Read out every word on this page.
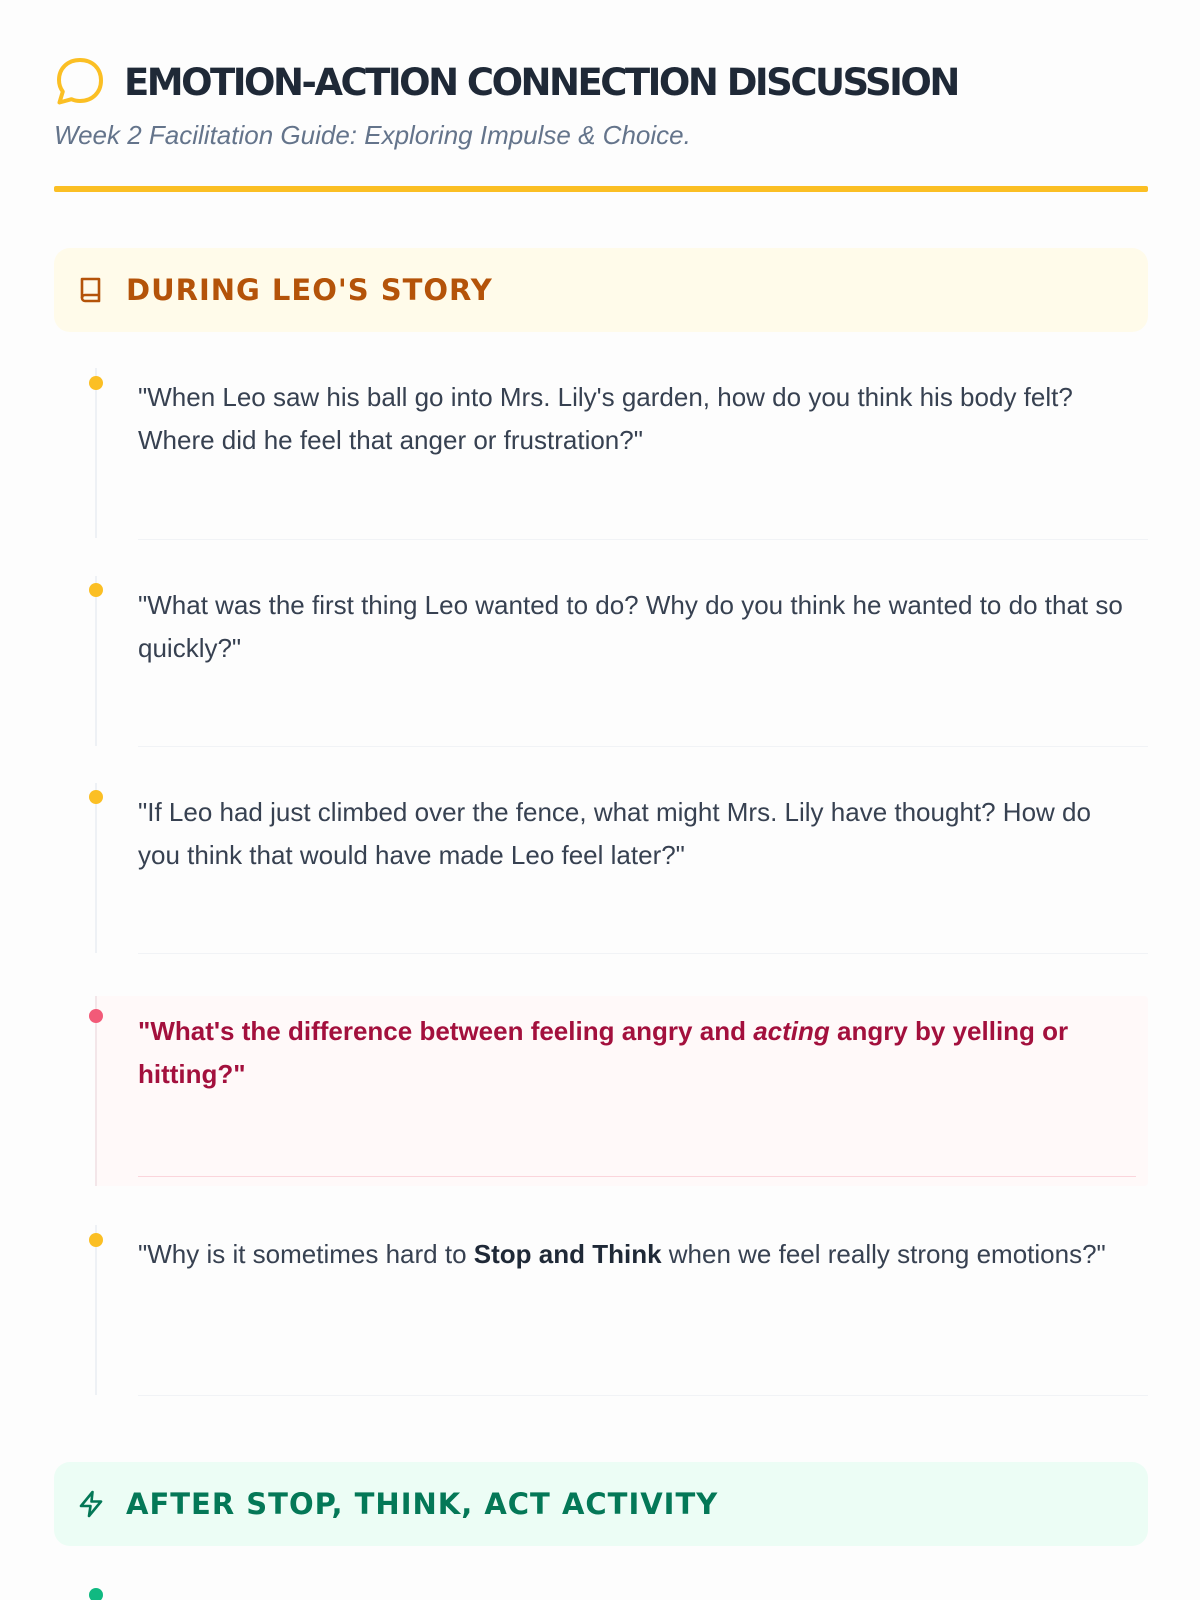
EMOTION-ACTION CONNECTION DISCUSSION
Week 2 Facilitation Guide: Exploring Impulse & Choice.
DURING LEO'S STORY
"When Leo saw his ball go into Mrs. Lily's garden, how do you think his body felt? Where did he feel that anger or frustration?"
"What was the first thing Leo wanted to do? Why do you think he wanted to do that so quickly?"
"If Leo had just climbed over the fence, what might Mrs. Lily have thought? How do you think that would have made Leo feel later?"
"What's the difference between feeling angry and acting angry by yelling or hitting?"
"Why is it sometimes hard to Stop and Think when we feel really strong emotions?"
AFTER STOP, THINK, ACT ACTIVITY
